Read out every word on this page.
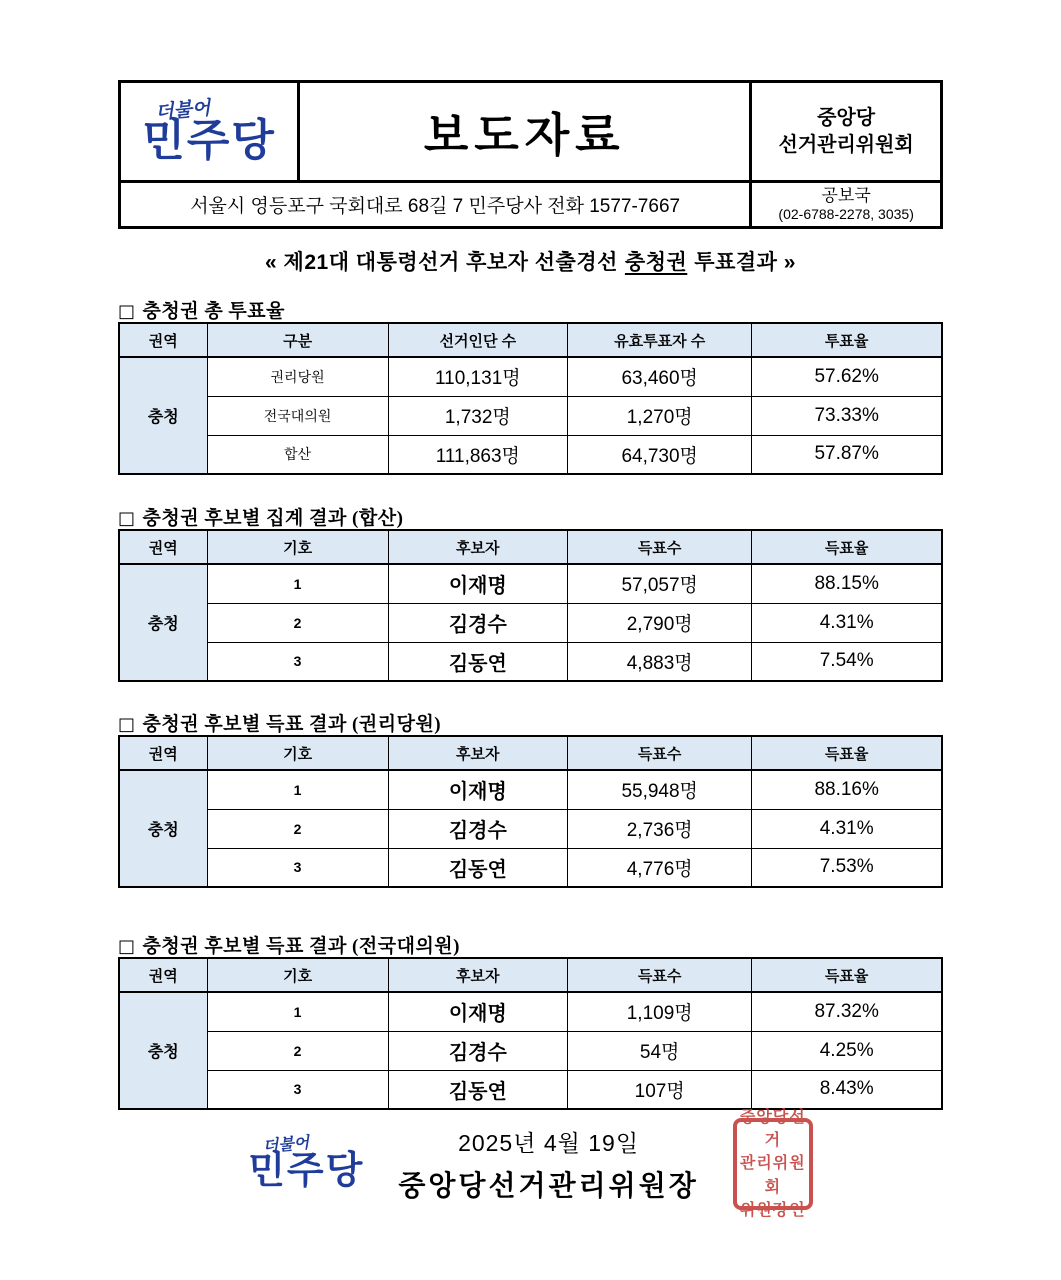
더불어
민주당	보도자료	중앙당
선거관리위원회

서울시 영등포구 국회대로 68길 7 민주당사 전화 1577-7667		공보국
(02-6788-2278, 3035)
« 제21대 대통령선거 후보자 선출경선 충청권 투표결과 »
□ 충청권 총 투표율
권역	구분	선거인단 수	유효투표자 수	투표율
충청	권리당원	110,131명	63,460명	57.62%
	전국대의원	1,732명	1,270명	73.33%
	합산	111,863명	64,730명	57.87%
□ 충청권 후보별 집계 결과 (합산)
권역	기호	후보자	득표수	득표율
충청	1	이재명	57,057명	88.15%
	2	김경수	2,790명	4.31%
	3	김동연	4,883명	7.54%
□ 충청권 후보별 득표 결과 (권리당원)
권역	기호	후보자	득표수	득표율
충청	1	이재명	55,948명	88.16%
	2	김경수	2,736명	4.31%
	3	김동연	4,776명	7.53%
□ 충청권 후보별 득표 결과 (전국대의원)
권역	기호	후보자	득표수	득표율
충청	1	이재명	1,109명	87.32%
	2	김경수	54명	4.25%
	3	김동연	107명	8.43%
더불어
민주당
2025년 4월 19일
중앙당선거관리위원장
중앙당선거
관리위원회
위원장인
